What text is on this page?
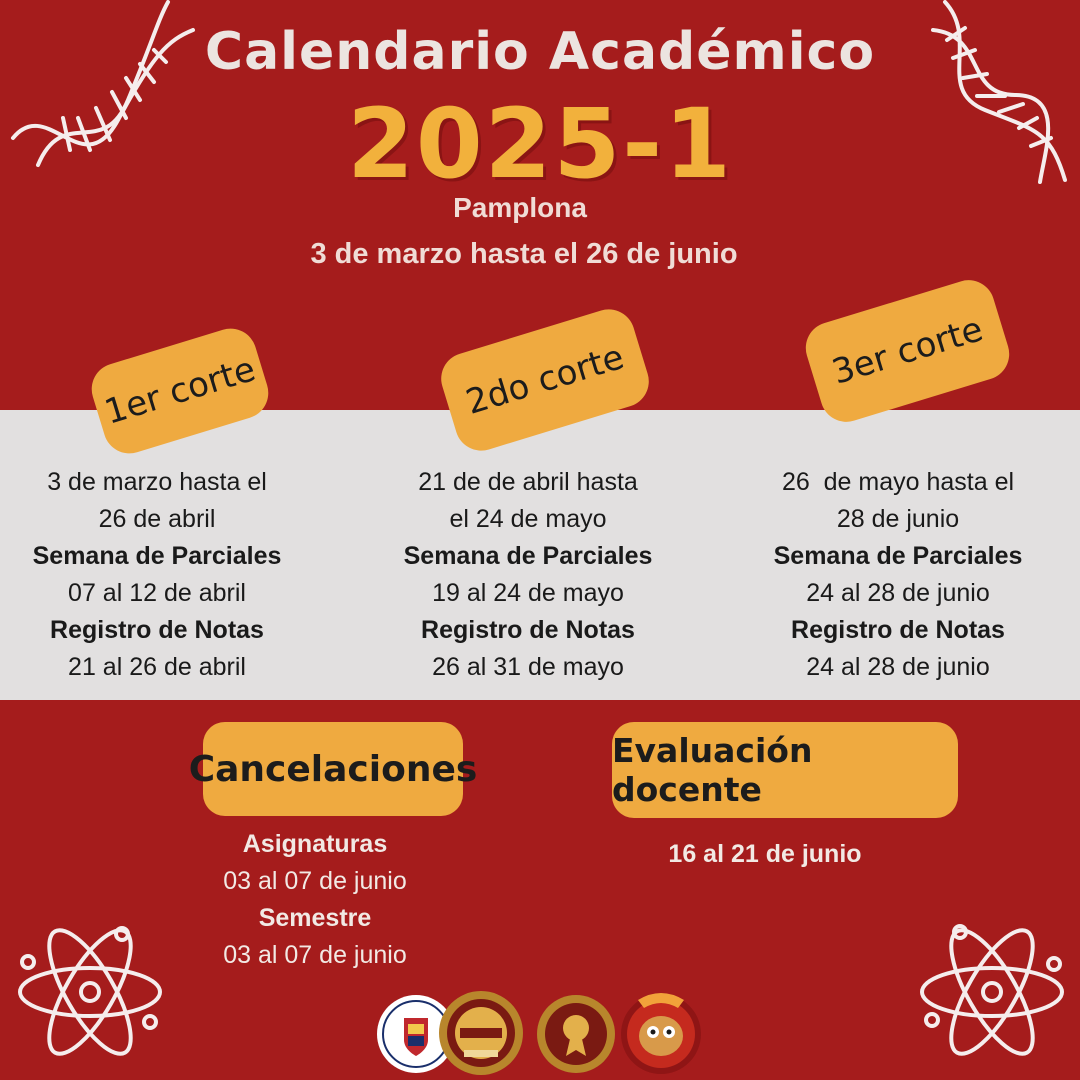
Calendario Académico
2025-1
Pamplona
3 de marzo hasta el 26 de junio
1er corte	2do corte	3er corte
3 de marzo hasta el
26 de abril
Semana de Parciales
07 al 12 de abril
Registro de Notas
21 al 26 de abril
21 de de abril hasta
el 24 de mayo
Semana de Parciales
19 al 24 de mayo
Registro de Notas
26 al 31 de mayo
26  de mayo hasta el
28 de junio
Semana de Parciales
24 al 28 de junio
Registro de Notas
24 al 28 de junio
Cancelaciones
Asignaturas
03 al 07 de junio
Semestre
03 al 07 de junio
Evaluación docente
16 al 21 de junio
